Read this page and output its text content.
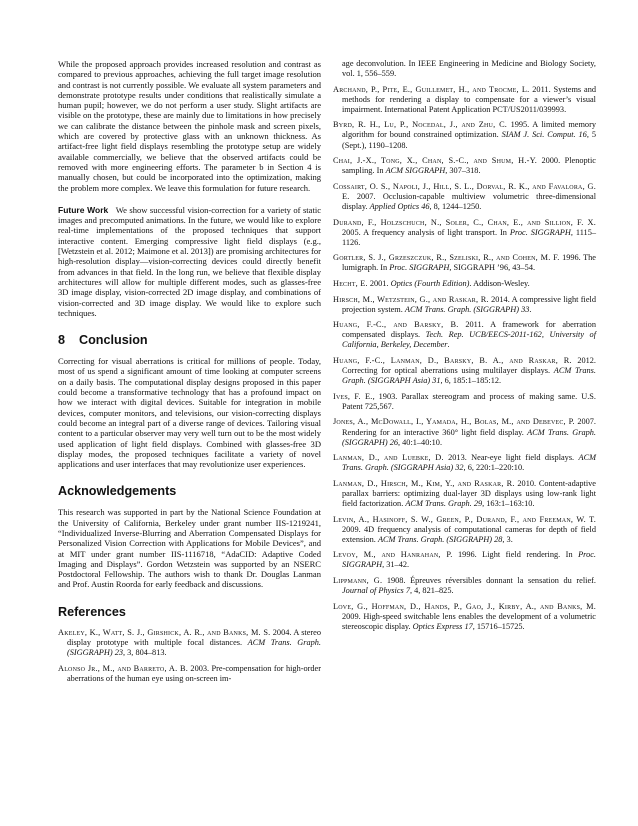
While the proposed approach provides increased resolution and contrast as compared to previous approaches, achieving the full target image resolution and contrast is not currently possible. We evaluate all system parameters and demonstrate prototype results under conditions that realistically simulate a human pupil; however, we do not perform a user study. Slight artifacts are visible on the prototype, these are mainly due to limitations in how precisely we can calibrate the distance between the pinhole mask and screen pixels, which are covered by protective glass with an unknown thickness. As artifact-free light field displays resembling the prototype setup are widely available commercially, we believe that the observed artifacts could be removed with more engineering efforts. The parameter b in Section 4 is manually chosen, but could be incorporated into the optimization, making the problem more complex. We leave this formulation for future research.

Future Work We show successful vision-correction for a variety of static images and precomputed animations. In the future, we would like to explore real-time implementations of the proposed techniques that support interactive content. Emerging compressive light field displays (e.g., [Wetzstein et al. 2012; Maimone et al. 2013]) are promising architectures for high-resolution display—vision-correcting devices could directly benefit from advances in that field. In the long run, we believe that flexible display architectures will allow for multiple different modes, such as glasses-free 3D image display, vision-corrected 2D image display, and combinations of vision-corrected and 3D image display. We would like to explore such techniques.

8 Conclusion

Correcting for visual aberrations is critical for millions of people. Today, most of us spend a significant amount of time looking at computer screens on a daily basis. The computational display designs proposed in this paper could become a transformative technology that has a profound impact on how we interact with digital devices. Suitable for integration in mobile devices, computer monitors, and televisions, our vision-correcting displays could become an integral part of a diverse range of devices. Tailoring visual content to a particular observer may very well turn out to be the most widely used application of light field displays. Combined with glasses-free 3D display modes, the proposed techniques facilitate a variety of novel applications and user interfaces that may revolutionize user experiences.

Acknowledgements

This research was supported in part by the National Science Foundation at the University of California, Berkeley under grant number IIS-1219241, “Individualized Inverse-Blurring and Aberration Compensated Displays for Personalized Vision Correction with Applications for Mobile Devices”, and at MIT under grant number IIS-1116718, “AdaCID: Adaptive Coded Imaging and Displays”. Gordon Wetzstein was supported by an NSERC Postdoctoral Fellowship. The authors wish to thank Dr. Douglas Lanman and Prof. Austin Roorda for early feedback and discussions.

References

Akeley, K., Watt, S. J., Girshick, A. R., and Banks, M. S. 2004. A stereo display prototype with multiple focal distances. ACM Trans. Graph. (SIGGRAPH) 23, 3, 804–813.

Alonso Jr., M., and Barreto, A. B. 2003. Pre-compensation for high-order aberrations of the human eye using on-screen im-

age deconvolution. In IEEE Engineering in Medicine and Biology Society, vol. 1, 556–559.

Archand, P., Pite, E., Guillemet, H., and Trocme, L. 2011. Systems and methods for rendering a display to compensate for a viewer’s visual impairment. International Patent Application PCT/US2011/039993.

Byrd, R. H., Lu, P., Nocedal, J., and Zhu, C. 1995. A limited memory algorithm for bound constrained optimization. SIAM J. Sci. Comput. 16, 5 (Sept.), 1190–1208.

Chai, J.-X., Tong, X., Chan, S.-C., and Shum, H.-Y. 2000. Plenoptic sampling. In ACM SIGGRAPH, 307–318.

Cossairt, O. S., Napoli, J., Hill, S. L., Dorval, R. K., and Favalora, G. E. 2007. Occlusion-capable multiview volumetric three-dimensional display. Applied Optics 46, 8, 1244–1250.

Durand, F., Holzschuch, N., Soler, C., Chan, E., and Sillion, F. X. 2005. A frequency analysis of light transport. In Proc. SIGGRAPH, 1115–1126.

Gortler, S. J., Grzeszczuk, R., Szeliski, R., and Cohen, M. F. 1996. The lumigraph. In Proc. SIGGRAPH, SIGGRAPH ’96, 43–54.

Hecht, E. 2001. Optics (Fourth Edition). Addison-Wesley.

Hirsch, M., Wetzstein, G., and Raskar, R. 2014. A compressive light field projection system. ACM Trans. Graph. (SIGGRAPH) 33.

Huang, F.-C., and Barsky, B. 2011. A framework for aberration compensated displays. Tech. Rep. UCB/EECS-2011-162, University of California, Berkeley, December.

Huang, F.-C., Lanman, D., Barsky, B. A., and Raskar, R. 2012. Correcting for optical aberrations using multilayer displays. ACM Trans. Graph. (SIGGRAPH Asia) 31, 6, 185:1–185:12.

Ives, F. E., 1903. Parallax stereogram and process of making same. U.S. Patent 725,567.

Jones, A., McDowall, I., Yamada, H., Bolas, M., and Debevec, P. 2007. Rendering for an interactive 360° light field display. ACM Trans. Graph. (SIGGRAPH) 26, 40:1–40:10.

Lanman, D., and Luebke, D. 2013. Near-eye light field displays. ACM Trans. Graph. (SIGGRAPH Asia) 32, 6, 220:1–220:10.

Lanman, D., Hirsch, M., Kim, Y., and Raskar, R. 2010. Content-adaptive parallax barriers: optimizing dual-layer 3D displays using low-rank light field factorization. ACM Trans. Graph. 29, 163:1–163:10.

Levin, A., Hasinoff, S. W., Green, P., Durand, F., and Freeman, W. T. 2009. 4D frequency analysis of computational cameras for depth of field extension. ACM Trans. Graph. (SIGGRAPH) 28, 3.

Levoy, M., and Hanrahan, P. 1996. Light field rendering. In Proc. SIGGRAPH, 31–42.

Lippmann, G. 1908. Épreuves réversibles donnant la sensation du relief. Journal of Physics 7, 4, 821–825.

Love, G., Hoffman, D., Hands, P., Gao, J., Kirby, A., and Banks, M. 2009. High-speed switchable lens enables the development of a volumetric stereoscopic display. Optics Express 17, 15716–15725.
